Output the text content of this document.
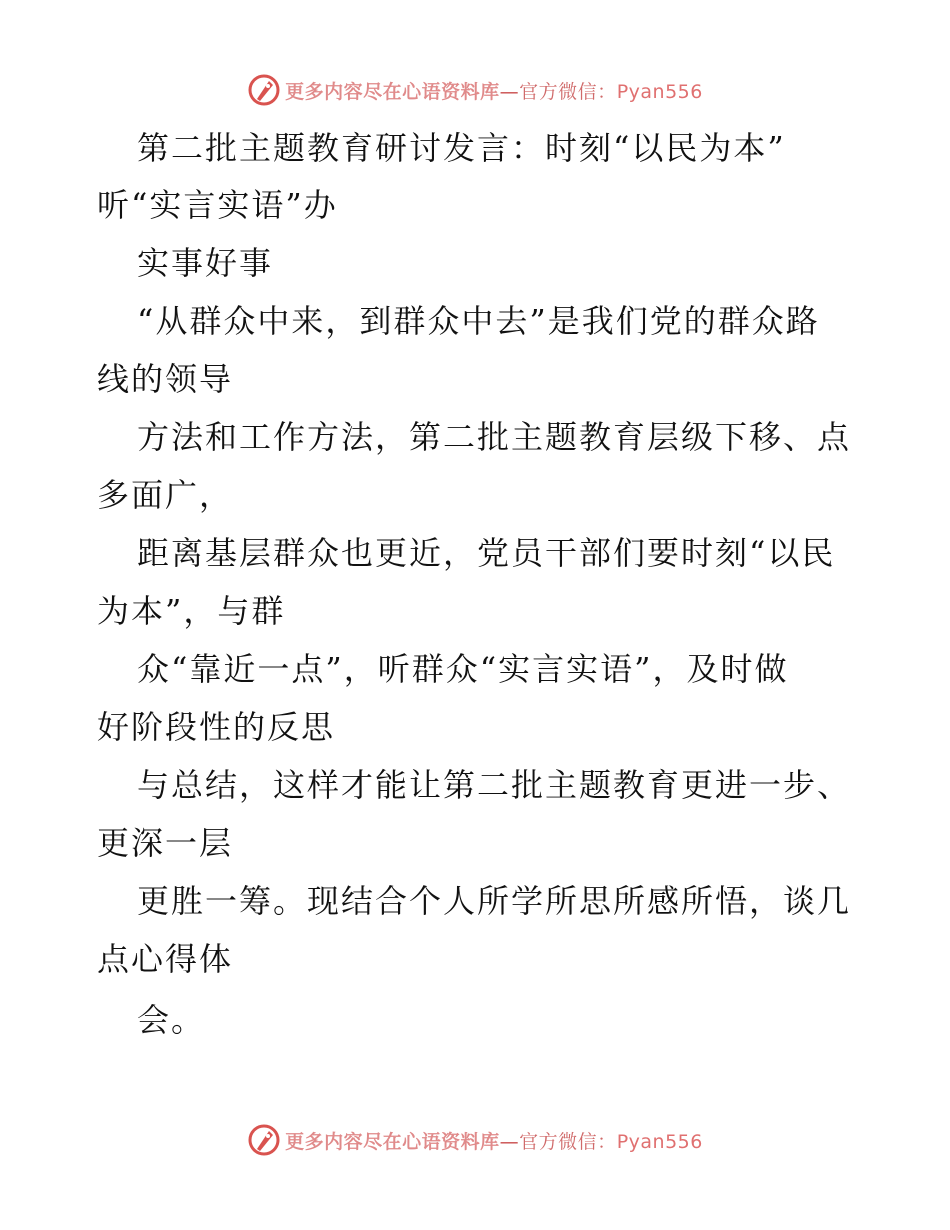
更多内容尽在心语资料库—官方微信：Pyan556
第二批主题教育研讨发言：时刻“以民为本”
听“实言实语”办
实事好事
“从群众中来，到群众中去”是我们党的群众路
线的领导
方法和工作方法，第二批主题教育层级下移、点
多面广，
距离基层群众也更近，党员干部们要时刻“以民
为本”，与群
众“靠近一点”，听群众“实言实语”，及时做
好阶段性的反思
与总结，这样才能让第二批主题教育更进一步、
更深一层
更胜一筹。现结合个人所学所思所感所悟，谈几
点心得体
会。
更多内容尽在心语资料库—官方微信：Pyan556
